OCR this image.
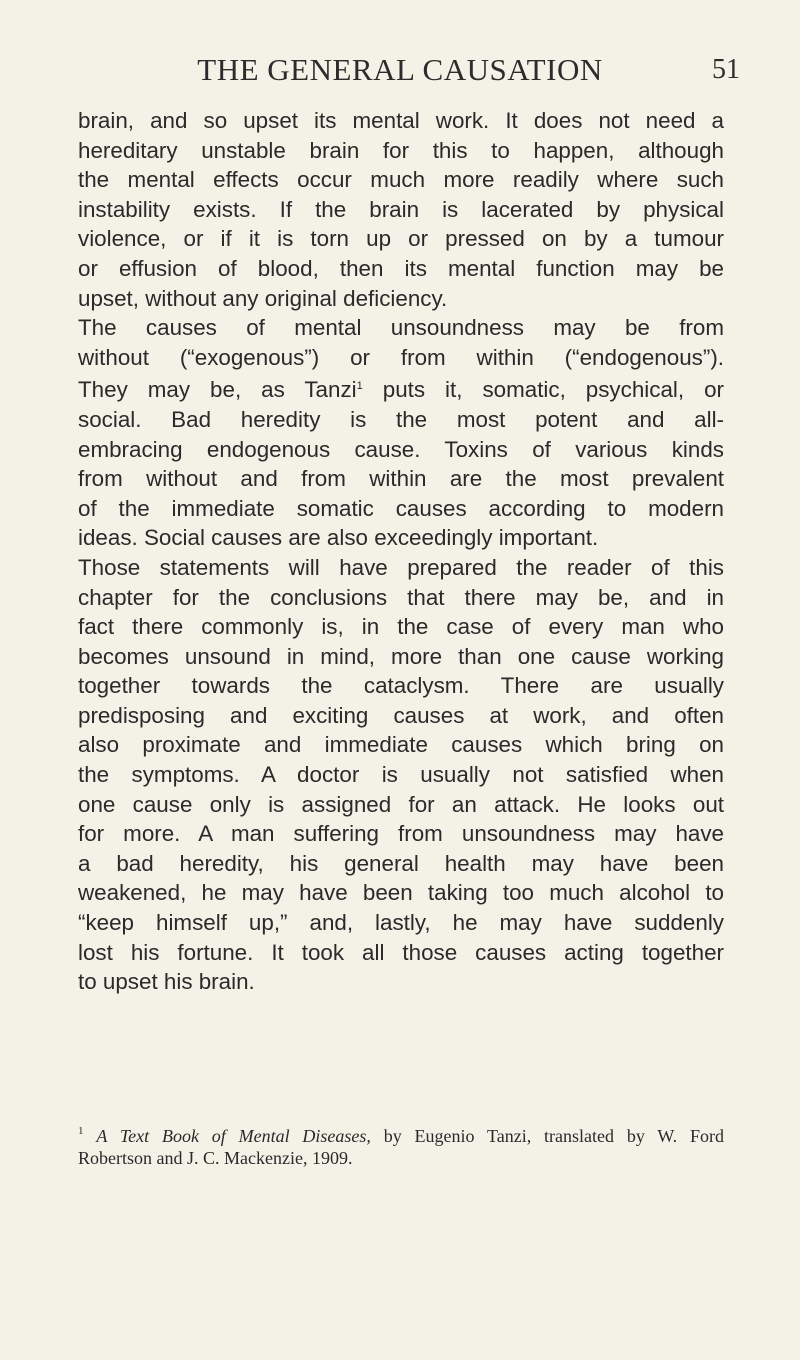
THE GENERAL CAUSATION	51
brain, and so upset its mental work. It does not need a
hereditary unstable brain for this to happen, although
the mental effects occur much more readily where such
instability exists. If the brain is lacerated by physical
violence, or if it is torn up or pressed on by a tumour
or effusion of blood, then its mental function may be
upset, without any original deficiency.
The causes of mental unsoundness may be from
without (“exogenous”) or from within (“endogenous”).
They may be, as Tanzi$^1$ puts it, somatic, psychical, or
social. Bad heredity is the most potent and all-
embracing endogenous cause. Toxins of various kinds
from without and from within are the most prevalent
of the immediate somatic causes according to modern
ideas. Social causes are also exceedingly important.
Those statements will have prepared the reader of this
chapter for the conclusions that there may be, and in
fact there commonly is, in the case of every man who
becomes unsound in mind, more than one cause working
together towards the cataclysm. There are usually
predisposing and exciting causes at work, and often
also proximate and immediate causes which bring on
the symptoms. A doctor is usually not satisfied when
one cause only is assigned for an attack. He looks out
for more. A man suffering from unsoundness may have
a bad heredity, his general health may have been
weakened, he may have been taking too much alcohol to
“keep himself up,” and, lastly, he may have suddenly
lost his fortune. It took all those causes acting together
to upset his brain.
$^1$ A Text Book of Mental Diseases, by Eugenio Tanzi, translated by W. Ford
Robertson and J. C. Mackenzie, 1909.
